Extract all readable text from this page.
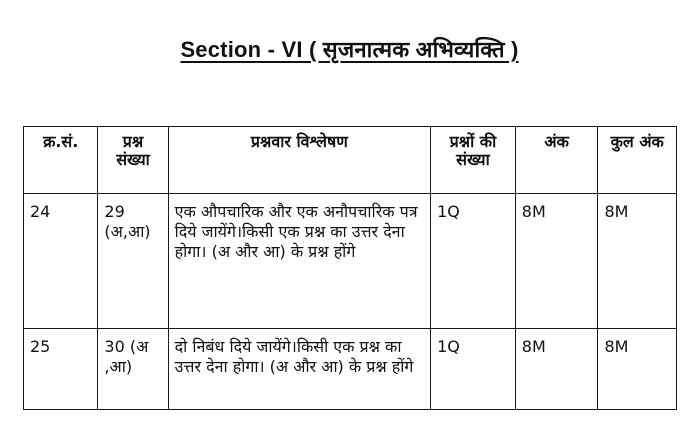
Section - VI ( सृजनात्मक अभिव्यक्ति )
क्र.सं.	प्रश्न संख्या	प्रश्नवार विश्लेषण	प्रश्नों की संख्या	अंक	कुल अंक
24	29 (अ,आ)	एक औपचारिक और एक अनौपचारिक पत्र दिये जायेंगे।किसी एक प्रश्न का उत्तर देना होगा। (अ और आ) के प्रश्न होंगे	1Q	8M	8M
25	30 (अ ,आ)	दो निबंध दिये जायेंगे।किसी एक प्रश्न का उत्तर देना होगा। (अ और आ) के प्रश्न होंगे	1Q	8M	8M
